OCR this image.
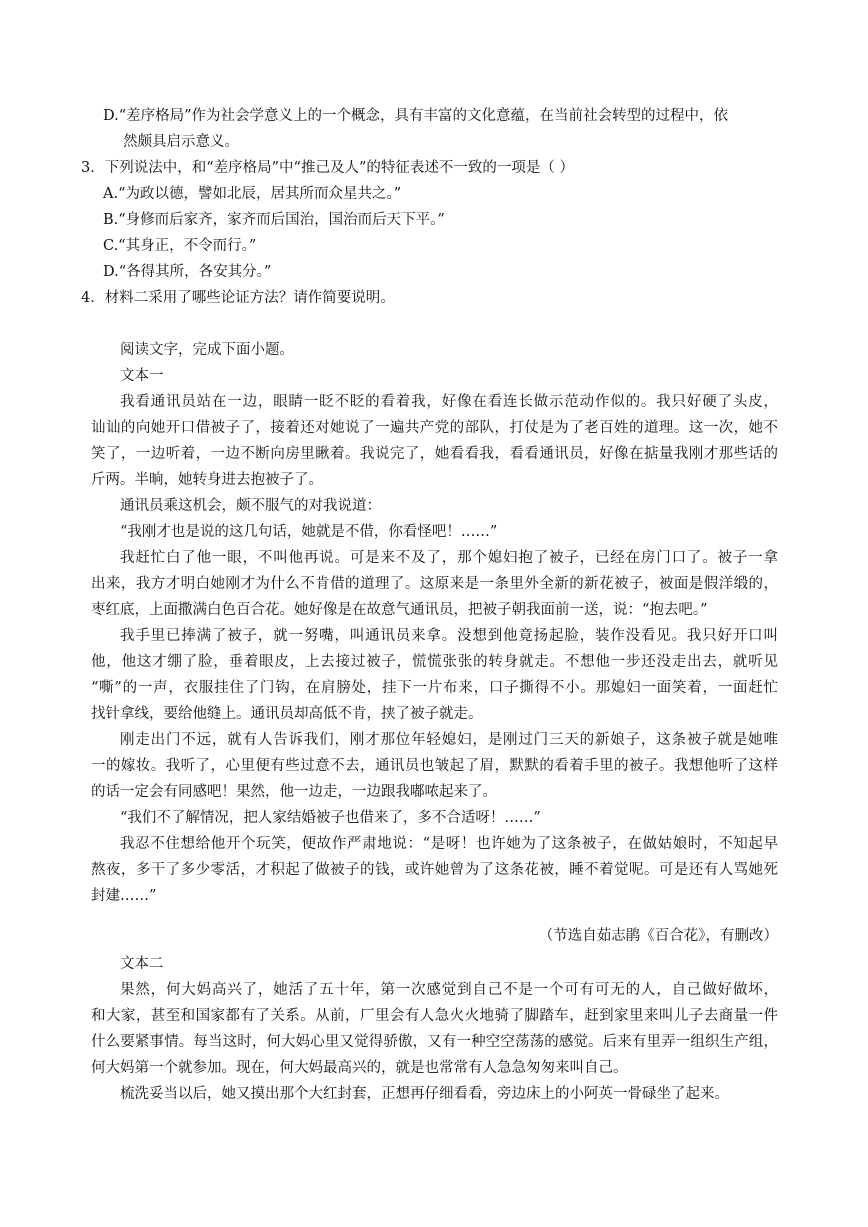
D.“差序格局”作为社会学意义上的一个概念，具有丰富的文化意蕴，在当前社会转型的过程中，依
然颇具启示意义。
3．下列说法中，和“差序格局”中“推己及人”的特征表述不一致的一项是（ ）
A.“为政以德，譬如北辰，居其所而众星共之。”
B.“身修而后家齐，家齐而后国治，国治而后天下平。”
C.“其身正，不令而行。”
D.“各得其所，各安其分。”
4．材料二采用了哪些论证方法？请作简要说明。
阅读文字，完成下面小题。
文本一
我看通讯员站在一边，眼睛一眨不眨的看着我，好像在看连长做示范动作似的。我只好硬了头皮，
讪讪的向她开口借被子了，接着还对她说了一遍共产党的部队，打仗是为了老百姓的道理。这一次，她不
笑了，一边听着，一边不断向房里瞅着。我说完了，她看看我，看看通讯员，好像在掂量我刚才那些话的
斤两。半晌，她转身进去抱被子了。
通讯员乘这机会，颇不服气的对我说道：
“我刚才也是说的这几句话，她就是不借，你看怪吧！……”
我赶忙白了他一眼，不叫他再说。可是来不及了，那个媳妇抱了被子，已经在房门口了。被子一拿
出来，我方才明白她刚才为什么不肯借的道理了。这原来是一条里外全新的新花被子，被面是假洋缎的，
枣红底，上面撒满白色百合花。她好像是在故意气通讯员，把被子朝我面前一送，说：“抱去吧。”
我手里已捧满了被子，就一努嘴，叫通讯员来拿。没想到他竟扬起脸，装作没看见。我只好开口叫
他，他这才绷了脸，垂着眼皮，上去接过被子，慌慌张张的转身就走。不想他一步还没走出去，就听见
“嘶”的一声，衣服挂住了门钩，在肩膀处，挂下一片布来，口子撕得不小。那媳妇一面笑着，一面赶忙
找针拿线，要给他缝上。通讯员却高低不肯，挟了被子就走。
刚走出门不远，就有人告诉我们，刚才那位年轻媳妇，是刚过门三天的新娘子，这条被子就是她唯
一的嫁妆。我听了，心里便有些过意不去，通讯员也皱起了眉，默默的看着手里的被子。我想他听了这样
的话一定会有同感吧！果然，他一边走，一边跟我嘟哝起来了。
“我们不了解情况，把人家结婚被子也借来了，多不合适呀！……”
我忍不住想给他开个玩笑，便故作严肃地说：“是呀！也许她为了这条被子，在做姑娘时，不知起早
熬夜，多干了多少零活，才积起了做被子的钱，或许她曾为了这条花被，睡不着觉呢。可是还有人骂她死
封建……”
（节选自茹志鹃《百合花》，有删改）
文本二
果然，何大妈高兴了，她活了五十年，第一次感觉到自己不是一个可有可无的人，自己做好做坏，
和大家，甚至和国家都有了关系。从前，厂里会有人急火火地骑了脚踏车，赶到家里来叫儿子去商量一件
什么要紧事情。每当这时，何大妈心里又觉得骄傲，又有一种空空荡荡的感觉。后来有里弄一组织生产组，
何大妈第一个就参加。现在，何大妈最高兴的，就是也常常有人急急匆匆来叫自己。
梳洗妥当以后，她又摸出那个大红封套，正想再仔细看看，旁边床上的小阿英一骨碌坐了起来。
